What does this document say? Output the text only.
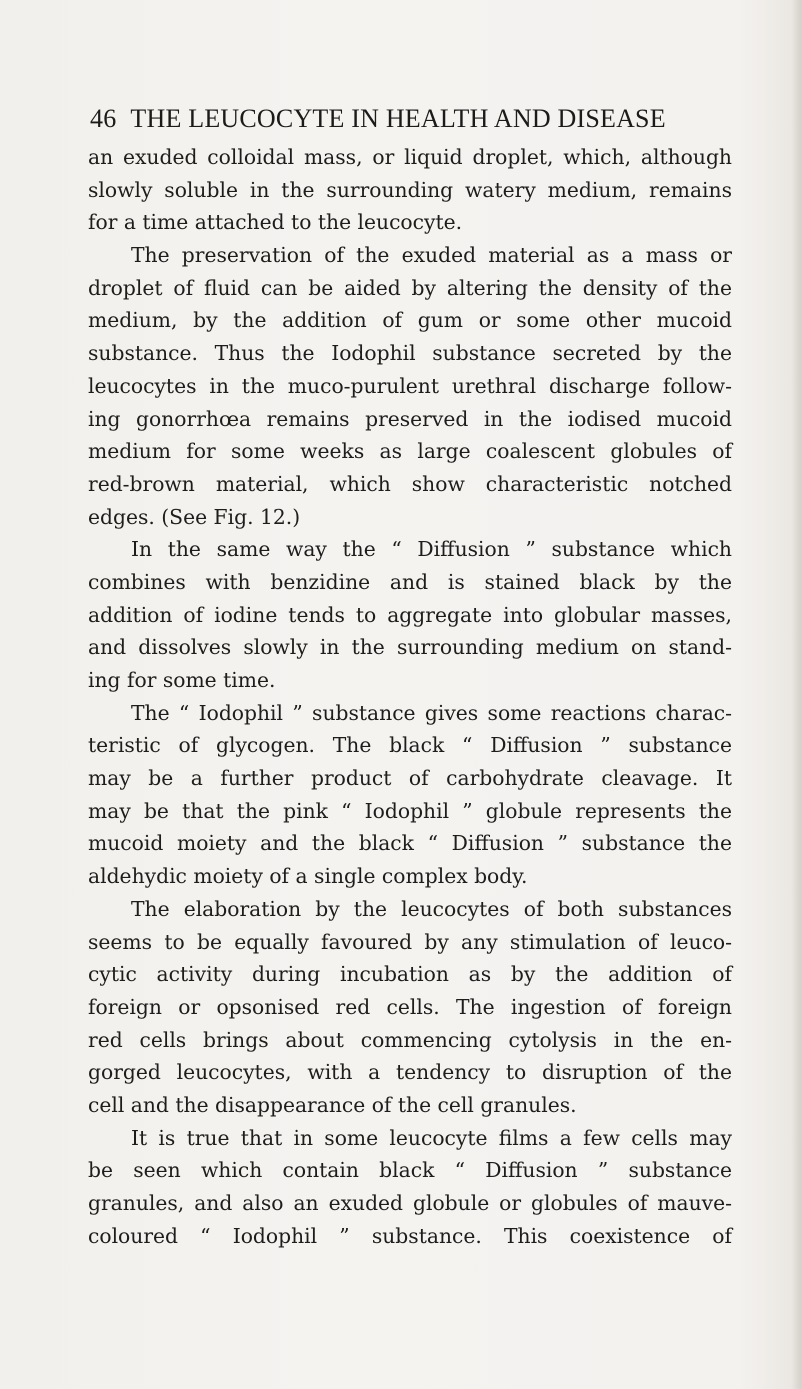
46 THE LEUCOCYTE IN HEALTH AND DISEASE
an exuded colloidal mass, or liquid droplet, which, although
slowly soluble in the surrounding watery medium, remains
for a time attached to the leucocyte.
The preservation of the exuded material as a mass or
droplet of fluid can be aided by altering the density of the
medium, by the addition of gum or some other mucoid
substance. Thus the Iodophil substance secreted by the
leucocytes in the muco-purulent urethral discharge follow-
ing gonorrhœa remains preserved in the iodised mucoid
medium for some weeks as large coalescent globules of
red-brown material, which show characteristic notched
edges. (See Fig. 12.)
In the same way the “ Diffusion ” substance which
combines with benzidine and is stained black by the
addition of iodine tends to aggregate into globular masses,
and dissolves slowly in the surrounding medium on stand-
ing for some time.
The “ Iodophil ” substance gives some reactions charac-
teristic of glycogen. The black “ Diffusion ” substance
may be a further product of carbohydrate cleavage. It
may be that the pink “ Iodophil ” globule represents the
mucoid moiety and the black “ Diffusion ” substance the
aldehydic moiety of a single complex body.
The elaboration by the leucocytes of both substances
seems to be equally favoured by any stimulation of leuco-
cytic activity during incubation as by the addition of
foreign or opsonised red cells. The ingestion of foreign
red cells brings about commencing cytolysis in the en-
gorged leucocytes, with a tendency to disruption of the
cell and the disappearance of the cell granules.
It is true that in some leucocyte films a few cells may
be seen which contain black “ Diffusion ” substance
granules, and also an exuded globule or globules of mauve-
coloured “ Iodophil ” substance. This coexistence of
